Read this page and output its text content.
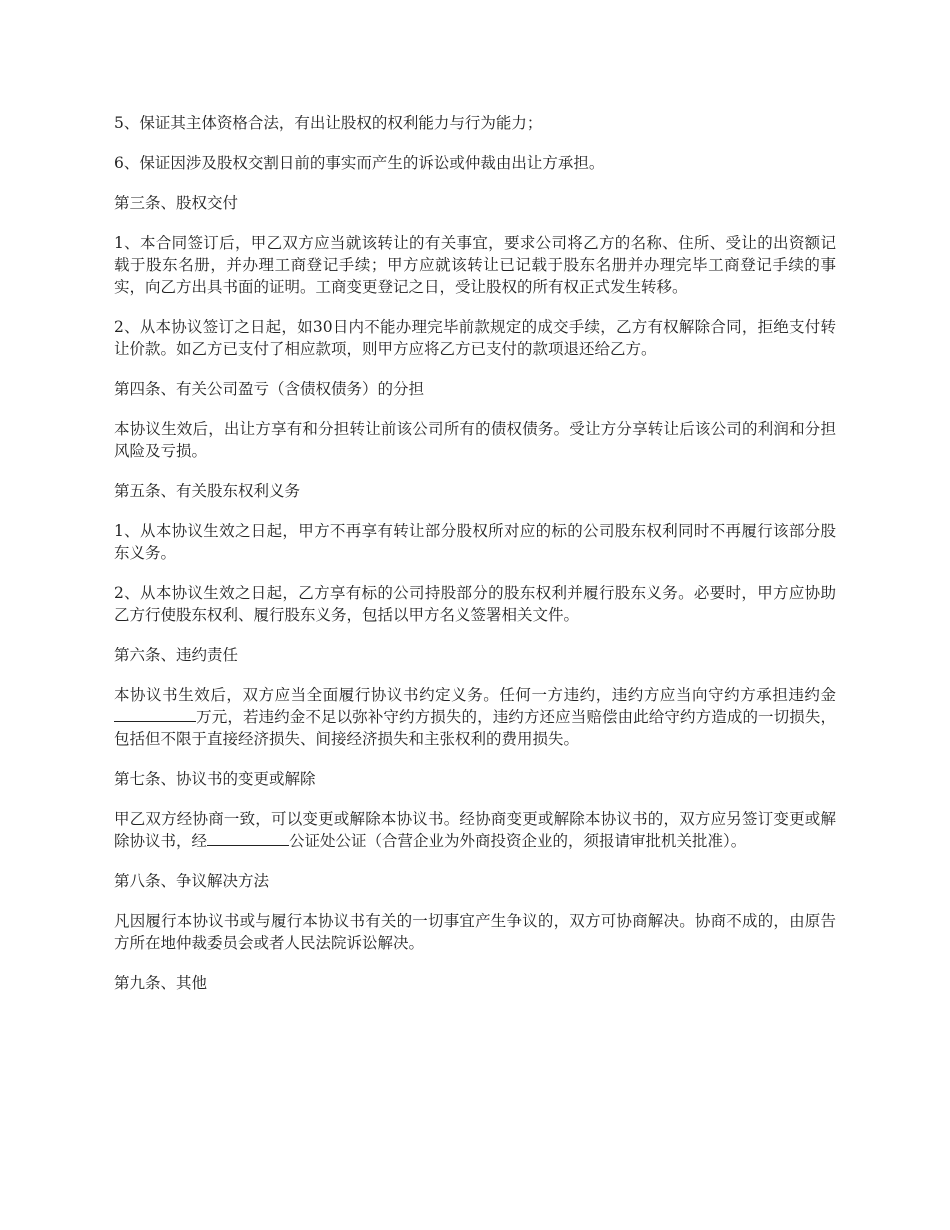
5、保证其主体资格合法，有出让股权的权利能力与行为能力；

6、保证因涉及股权交割日前的事实而产生的诉讼或仲裁由出让方承担。

第三条、股权交付

1、本合同签订后，甲乙双方应当就该转让的有关事宜，要求公司将乙方的名称、住所、受让的出资额记载于股东名册，并办理工商登记手续；甲方应就该转让已记载于股东名册并办理完毕工商登记手续的事实，向乙方出具书面的证明。工商变更登记之日，受让股权的所有权正式发生转移。

2、从本协议签订之日起，如30日内不能办理完毕前款规定的成交手续，乙方有权解除合同，拒绝支付转让价款。如乙方已支付了相应款项，则甲方应将乙方已支付的款项退还给乙方。

第四条、有关公司盈亏（含债权债务）的分担

本协议生效后，出让方享有和分担转让前该公司所有的债权债务。受让方分享转让后该公司的利润和分担风险及亏损。

第五条、有关股东权利义务

1、从本协议生效之日起，甲方不再享有转让部分股权所对应的标的公司股东权利同时不再履行该部分股东义务。

2、从本协议生效之日起，乙方享有标的公司持股部分的股东权利并履行股东义务。必要时，甲方应协助乙方行使股东权利、履行股东义务，包括以甲方名义签署相关文件。

第六条、违约责任

本协议书生效后，双方应当全面履行协议书约定义务。任何一方违约，违约方应当向守约方承担违约金万元，若违约金不足以弥补守约方损失的，违约方还应当赔偿由此给守约方造成的一切损失，包括但不限于直接经济损失、间接经济损失和主张权利的费用损失。

第七条、协议书的变更或解除

甲乙双方经协商一致，可以变更或解除本协议书。经协商变更或解除本协议书的，双方应另签订变更或解除协议书，经	公证处公证（合营企业为外商投资企业的，须报请审批机关批准）。

第八条、争议解决方法

凡因履行本协议书或与履行本协议书有关的一切事宜产生争议的，双方可协商解决。协商不成的，由原告方所在地仲裁委员会或者人民法院诉讼解决。

第九条、其他
